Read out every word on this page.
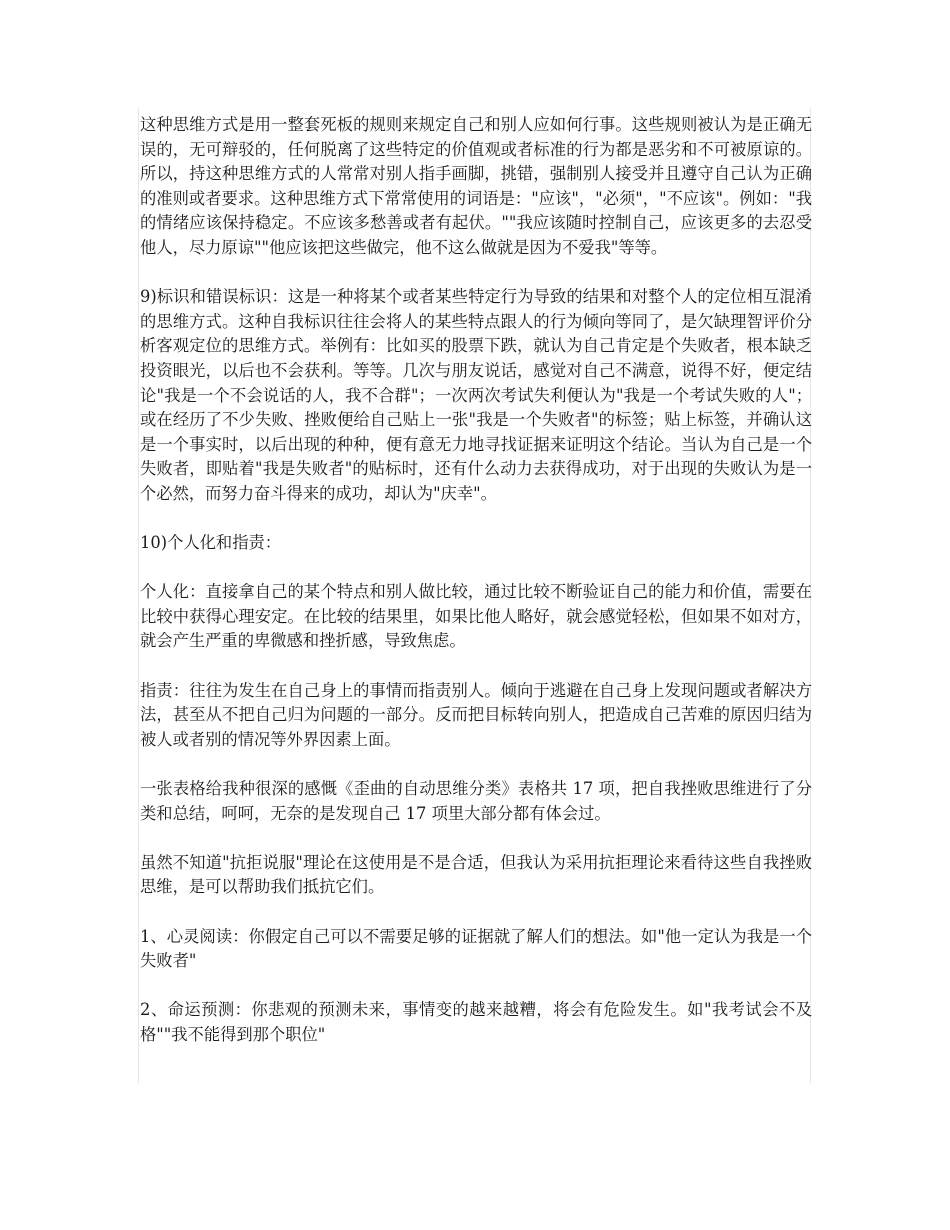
这种思维方式是用一整套死板的规则来规定自己和别人应如何行事。这些规则被认为是正确无误的，无可辩驳的，任何脱离了这些特定的价值观或者标准的行为都是恶劣和不可被原谅的。所以，持这种思维方式的人常常对别人指手画脚，挑错，强制别人接受并且遵守自己认为正确的准则或者要求。这种思维方式下常常使用的词语是："应该"，"必须"，"不应该"。例如："我的情绪应该保持稳定。不应该多愁善或者有起伏。""我应该随时控制自己，应该更多的去忍受他人，尽力原谅""他应该把这些做完，他不这么做就是因为不爱我"等等。

9)标识和错误标识：这是一种将某个或者某些特定行为导致的结果和对整个人的定位相互混淆的思维方式。这种自我标识往往会将人的某些特点跟人的行为倾向等同了，是欠缺理智评价分析客观定位的思维方式。举例有：比如买的股票下跌，就认为自己肯定是个失败者，根本缺乏投资眼光，以后也不会获利。等等。几次与朋友说话，感觉对自己不满意，说得不好，便定结论"我是一个不会说话的人，我不合群"；一次两次考试失利便认为"我是一个考试失败的人"；或在经历了不少失败、挫败便给自己贴上一张"我是一个失败者"的标签；贴上标签，并确认这是一个事实时，以后出现的种种，便有意无力地寻找证据来证明这个结论。当认为自己是一个失败者，即贴着"我是失败者"的贴标时，还有什么动力去获得成功，对于出现的失败认为是一个必然，而努力奋斗得来的成功，却认为"庆幸"。

10)个人化和指责：

个人化：直接拿自己的某个特点和别人做比较，通过比较不断验证自己的能力和价值，需要在比较中获得心理安定。在比较的结果里，如果比他人略好，就会感觉轻松，但如果不如对方，就会产生严重的卑微感和挫折感，导致焦虑。

指责：往往为发生在自己身上的事情而指责别人。倾向于逃避在自己身上发现问题或者解决方法，甚至从不把自己归为问题的一部分。反而把目标转向别人，把造成自己苦难的原因归结为被人或者别的情况等外界因素上面。

一张表格给我种很深的感慨《歪曲的自动思维分类》表格共 17 项，把自我挫败思维进行了分类和总结，呵呵，无奈的是发现自己 17 项里大部分都有体会过。

虽然不知道"抗拒说服"理论在这使用是不是合适，但我认为采用抗拒理论来看待这些自我挫败思维，是可以帮助我们抵抗它们。

1、心灵阅读：你假定自己可以不需要足够的证据就了解人们的想法。如"他一定认为我是一个失败者"

2、命运预测：你悲观的预测未来，事情变的越来越糟，将会有危险发生。如"我考试会不及格""我不能得到那个职位"
